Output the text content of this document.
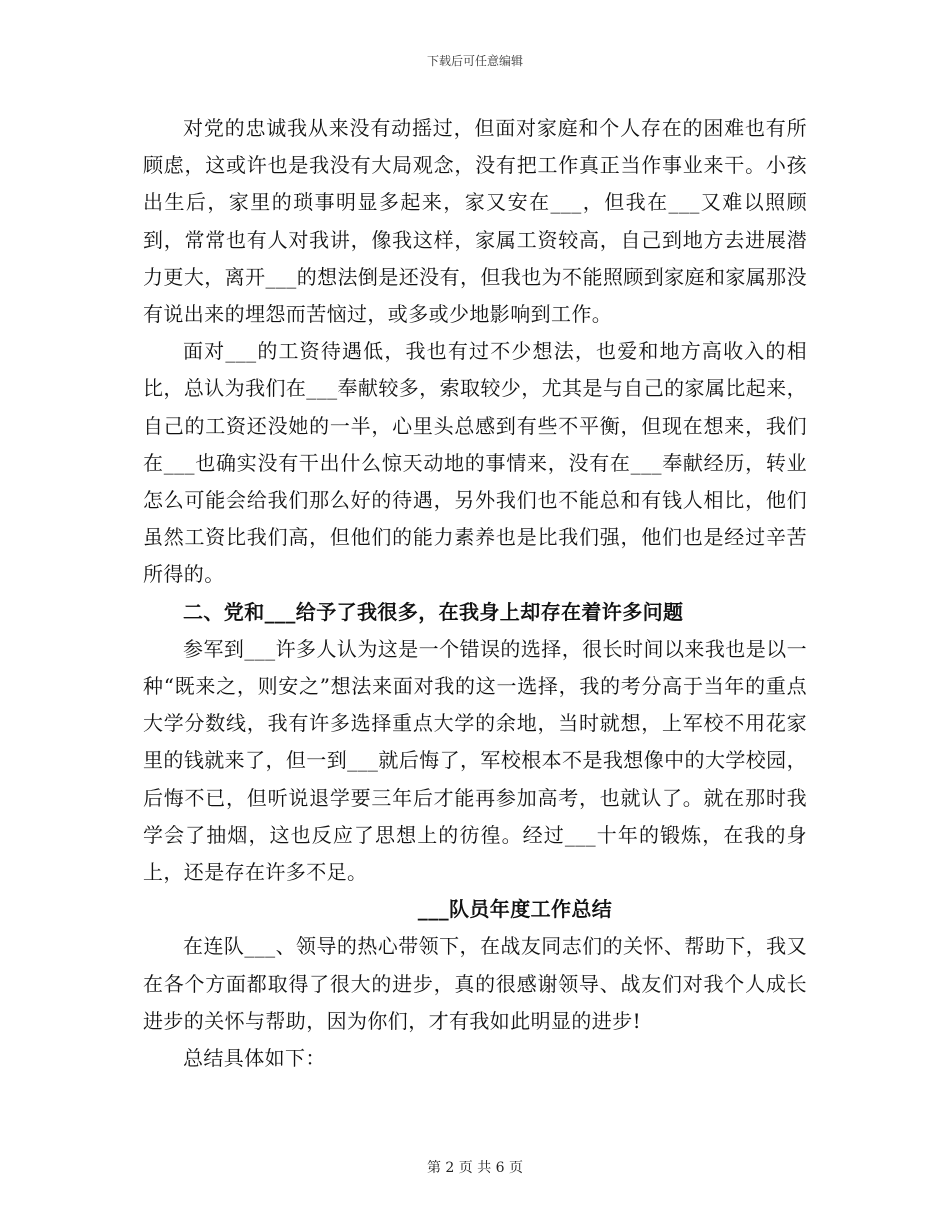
下载后可任意编辑

对党的忠诚我从来没有动摇过，但面对家庭和个人存在的困难也有所顾虑，这或许也是我没有大局观念，没有把工作真正当作事业来干。小孩出生后，家里的琐事明显多起来，家又安在___，但我在___又难以照顾到，常常也有人对我讲，像我这样，家属工资较高，自己到地方去进展潜力更大，离开___的想法倒是还没有，但我也为不能照顾到家庭和家属那没有说出来的埋怨而苦恼过，或多或少地影响到工作。

面对___的工资待遇低，我也有过不少想法，也爱和地方高收入的相比，总认为我们在___奉献较多，索取较少，尤其是与自己的家属比起来，自己的工资还没她的一半，心里头总感到有些不平衡，但现在想来，我们在___也确实没有干出什么惊天动地的事情来，没有在___奉献经历，转业怎么可能会给我们那么好的待遇，另外我们也不能总和有钱人相比，他们虽然工资比我们高，但他们的能力素养也是比我们强，他们也是经过辛苦所得的。

二、党和___给予了我很多，在我身上却存在着许多问题

参军到___许多人认为这是一个错误的选择，很长时间以来我也是以一种“既来之，则安之”想法来面对我的这一选择，我的考分高于当年的重点大学分数线，我有许多选择重点大学的余地，当时就想，上军校不用花家里的钱就来了，但一到___就后悔了，军校根本不是我想像中的大学校园，后悔不已，但听说退学要三年后才能再参加高考，也就认了。就在那时我学会了抽烟，这也反应了思想上的彷徨。经过___十年的锻炼，在我的身上，还是存在许多不足。

___队员年度工作总结

在连队___、领导的热心带领下，在战友同志们的关怀、帮助下，我又在各个方面都取得了很大的进步，真的很感谢领导、战友们对我个人成长进步的关怀与帮助，因为你们，才有我如此明显的进步!

总结具体如下：

第 2 页 共 6 页
